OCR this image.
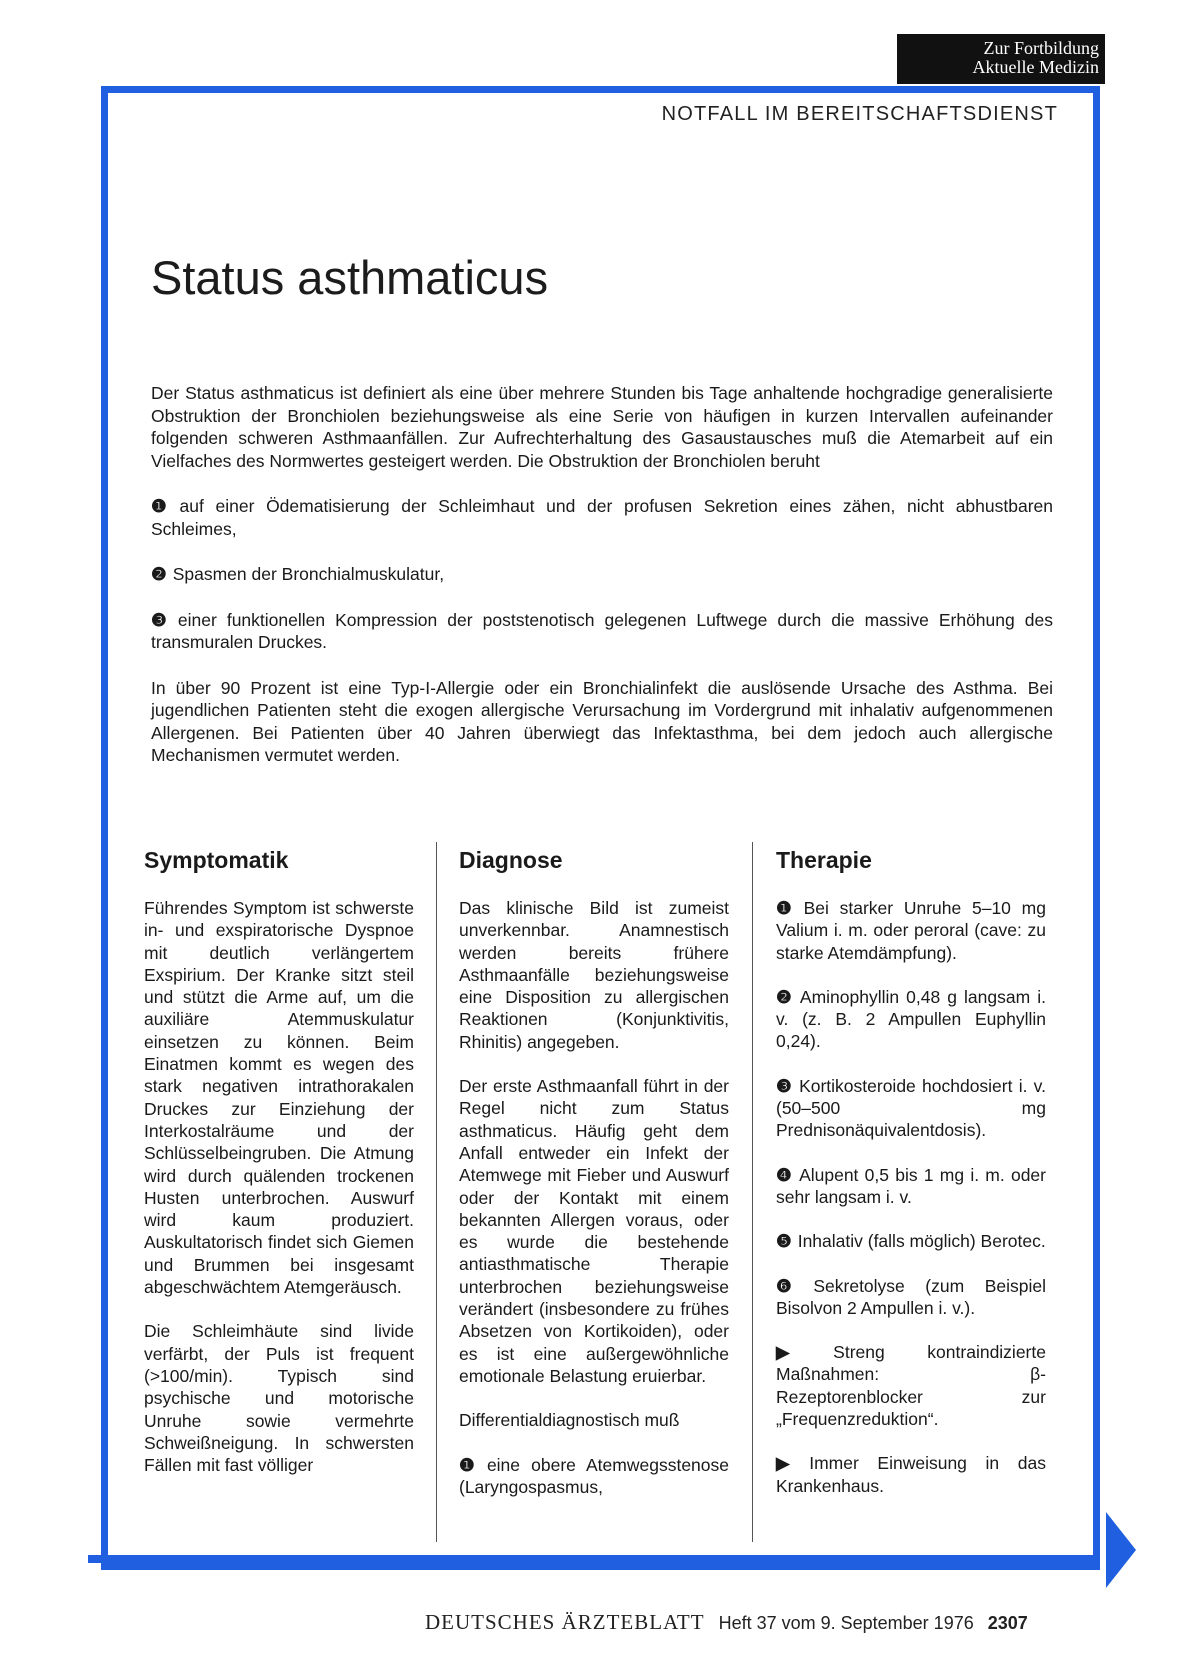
Zur Fortbildung
Aktuelle Medizin
NOTFALL IM BEREITSCHAFTSDIENST
Status asthmaticus

Der Status asthmaticus ist definiert als eine über mehrere Stunden bis Tage anhaltende hochgradige generalisierte Obstruktion der Bronchiolen beziehungsweise als eine Serie von häufigen in kurzen Intervallen aufeinander folgenden schweren Asthmaanfällen. Zur Aufrechterhaltung des Gasaustausches muß die Atemarbeit auf ein Vielfaches des Normwertes gesteigert werden. Die Obstruktion der Bronchiolen beruht

❶ auf einer Ödematisierung der Schleimhaut und der profusen Sekretion eines zähen, nicht abhustbaren Schleimes,

❷ Spasmen der Bronchialmuskulatur,

❸ einer funktionellen Kompression der poststenotisch gelegenen Luftwege durch die massive Erhöhung des transmuralen Druckes.

In über 90 Prozent ist eine Typ-I-Allergie oder ein Bronchialinfekt die auslösende Ursache des Asthma. Bei jugendlichen Patienten steht die exogen allergische Verursachung im Vordergrund mit inhalativ aufgenommenen Allergenen. Bei Patienten über 40 Jahren überwiegt das Infektasthma, bei dem jedoch auch allergische Mechanismen vermutet werden.

Symptomatik

Führendes Symptom ist schwerste in- und exspiratorische Dyspnoe mit deutlich verlängertem Exspirium. Der Kranke sitzt steil und stützt die Arme auf, um die auxiliäre Atemmuskulatur einsetzen zu können. Beim Einatmen kommt es wegen des stark negativen intrathorakalen Druckes zur Einziehung der Interkostalräume und der Schlüsselbeingruben. Die Atmung wird durch quälenden trockenen Husten unterbrochen. Auswurf wird kaum produziert. Auskultatorisch findet sich Giemen und Brummen bei insgesamt abgeschwächtem Atemgeräusch.

Die Schleimhäute sind livide verfärbt, der Puls ist frequent (>100/min). Typisch sind psychische und motorische Unruhe sowie vermehrte Schweißneigung. In schwersten Fällen mit fast völliger

Diagnose

Das klinische Bild ist zumeist unverkennbar. Anamnestisch werden bereits frühere Asthmaanfälle beziehungsweise eine Disposition zu allergischen Reaktionen (Konjunktivitis, Rhinitis) angegeben.

Der erste Asthmaanfall führt in der Regel nicht zum Status asthmaticus. Häufig geht dem Anfall entweder ein Infekt der Atemwege mit Fieber und Auswurf oder der Kontakt mit einem bekannten Allergen voraus, oder es wurde die bestehende antiasthmatische Therapie unterbrochen beziehungsweise verändert (insbesondere zu frühes Absetzen von Kortikoiden), oder es ist eine außergewöhnliche emotionale Belastung eruierbar.

Differentialdiagnostisch muß

❶ eine obere Atemwegsstenose (Laryngospasmus,

Therapie

❶ Bei starker Unruhe 5–10 mg Valium i. m. oder peroral (cave: zu starke Atemdämpfung).

❷ Aminophyllin 0,48 g langsam i. v. (z. B. 2 Ampullen Euphyllin 0,24).

❸ Kortikosteroide hochdosiert i. v. (50–500 mg Prednisonäquivalentdosis).

❹ Alupent 0,5 bis 1 mg i. m. oder sehr langsam i. v.

❺ Inhalativ (falls möglich) Berotec.

❻ Sekretolyse (zum Beispiel Bisolvon 2 Ampullen i. v.).

▶ Streng kontraindizierte Maßnahmen: β-Rezeptorenblocker zur „Frequenzreduktion“.

▶ Immer Einweisung in das Krankenhaus.

DEUTSCHES ÄRZTEBLATT Heft 37 vom 9. September 1976 2307
